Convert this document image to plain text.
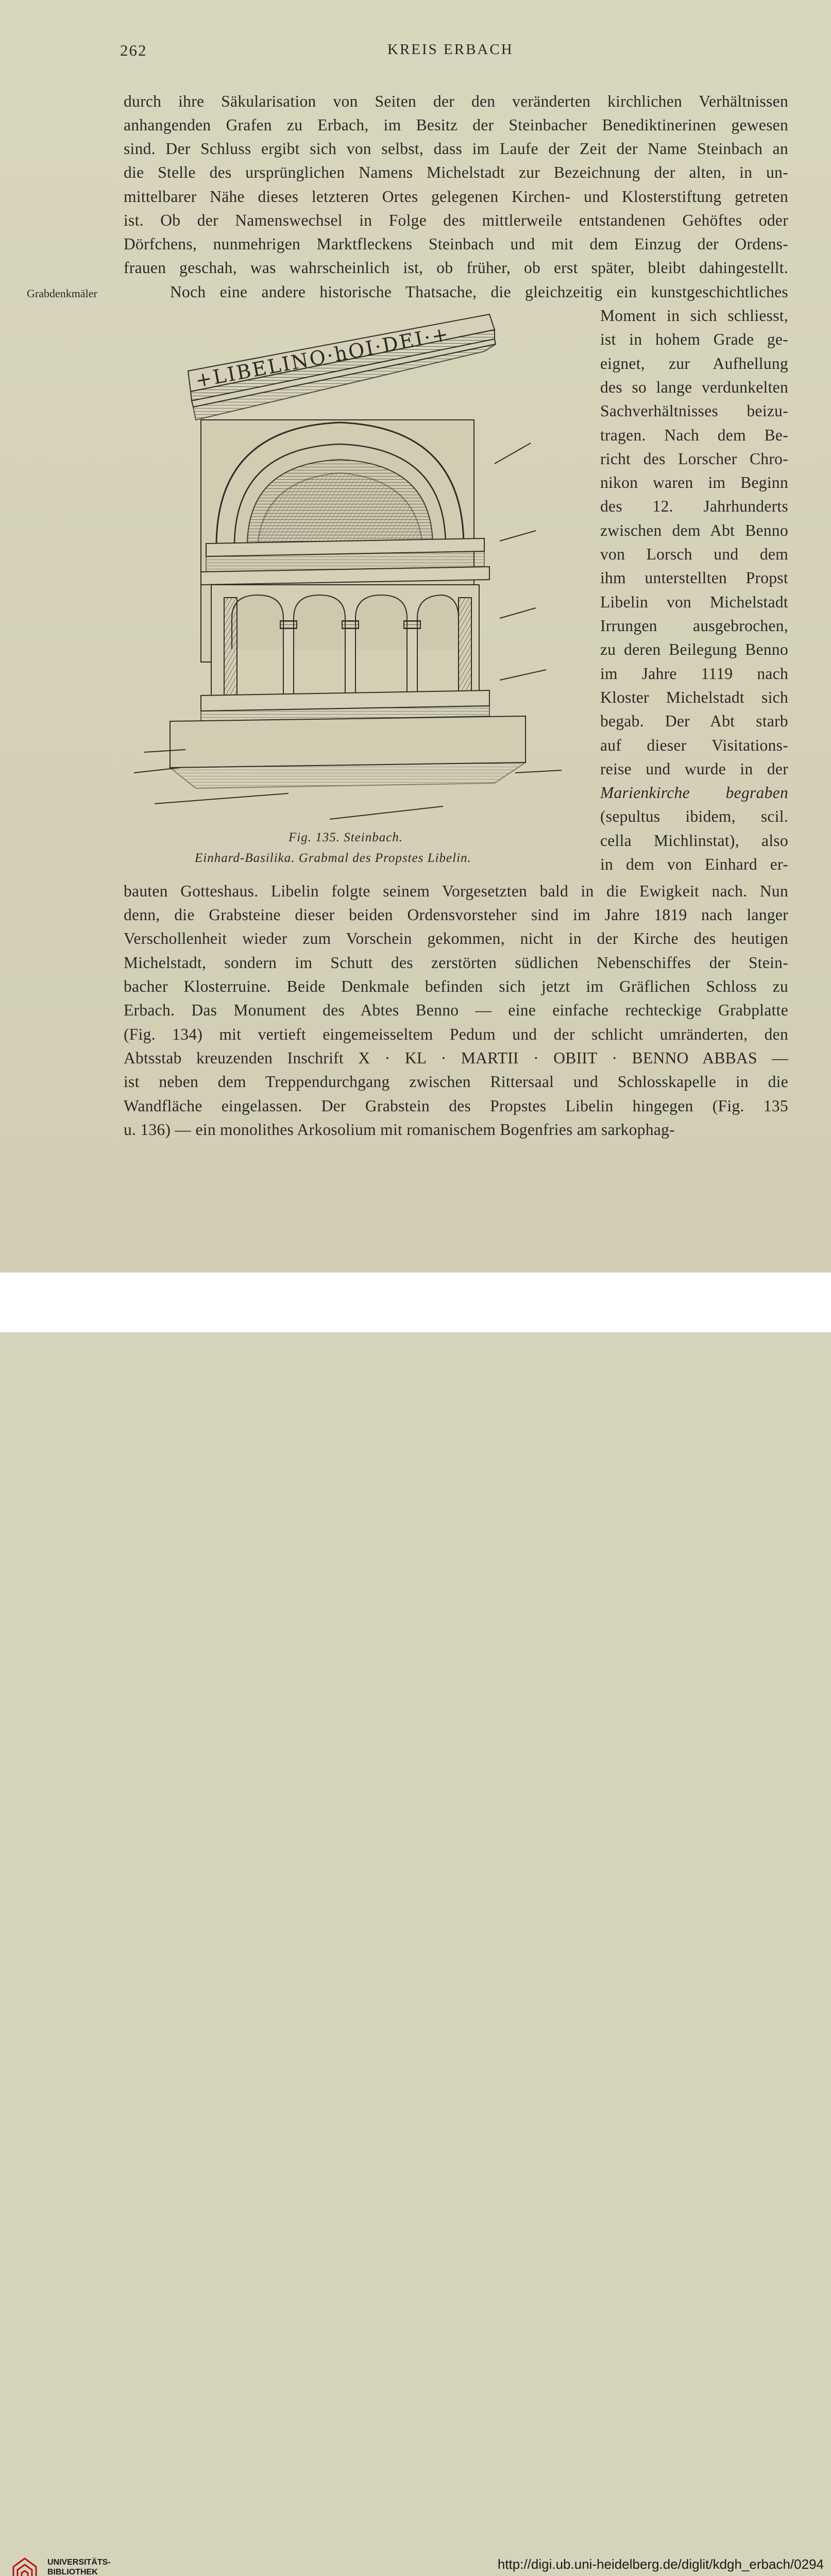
262	KREIS ERBACH
Grabdenkmäler
durch ihre Säkularisation von Seiten der den veränderten kirchlichen Verhältnissen
anhangenden Grafen zu Erbach, im Besitz der Steinbacher Benediktinerinen gewesen
sind. Der Schluss ergibt sich von selbst, dass im Laufe der Zeit der Name Steinbach an
die Stelle des ursprünglichen Namens Michelstadt zur Bezeichnung der alten, in un-
mittelbarer Nähe dieses letzteren Ortes gelegenen Kirchen- und Klosterstiftung getreten
ist. Ob der Namenswechsel in Folge des mittlerweile entstandenen Gehöftes oder
Dörfchens, nunmehrigen Marktfleckens Steinbach und mit dem Einzug der Ordens-
frauen geschah, was wahrscheinlich ist, ob früher, ob erst später, bleibt dahingestellt.
Noch eine andere historische Thatsache, die gleichzeitig ein kunstgeschichtliches
Moment in sich schliesst,
ist in hohem Grade ge-
eignet, zur Aufhellung
des so lange verdunkelten
Sachverhältnisses beizu-
tragen. Nach dem Be-
richt des Lorscher Chro-
nikon waren im Beginn
des 12. Jahrhunderts
zwischen dem Abt Benno
von Lorsch und dem
ihm unterstellten Propst
Libelin von Michelstadt
Irrungen ausgebrochen,
zu deren Beilegung Benno
im Jahre 1119 nach
Kloster Michelstadt sich
begab. Der Abt starb
auf dieser Visitations-
reise und wurde in der
Marienkirche begraben
(sepultus ibidem, scil.
cella Michlinstat), also
in dem von Einhard er-
bauten Gotteshaus. Libelin folgte seinem Vorgesetzten bald in die Ewigkeit nach. Nun
denn, die Grabsteine dieser beiden Ordensvorsteher sind im Jahre 1819 nach langer
Verschollenheit wieder zum Vorschein gekommen, nicht in der Kirche des heutigen
Michelstadt, sondern im Schutt des zerstörten südlichen Nebenschiffes der Stein-
bacher Klosterruine. Beide Denkmale befinden sich jetzt im Gräflichen Schloss zu
Erbach. Das Monument des Abtes Benno — eine einfache rechteckige Grabplatte
(Fig. 134) mit vertieft eingemeisseltem Pedum und der schlicht umränderten, den
Abtsstab kreuzenden Inschrift X · KL · MARTII · OBIIT · BENNO ABBAS —
ist neben dem Treppendurchgang zwischen Rittersaal und Schlosskapelle in die
Wandfläche eingelassen. Der Grabstein des Propstes Libelin hingegen (Fig. 135
u. 136) — ein monolithes Arkosolium mit romanischem Bogenfries am sarkophag-
+LIBELINO·hOI·DEI·+
Fig. 135. Steinbach.
Einhard-Basilika. Grabmal des Propstes Libelin.
UNIVERSITÄTS-
BIBLIOTHEK

http://digi.ub.uni-heidelberg.de/diglit/kdgh_erbach/0294
